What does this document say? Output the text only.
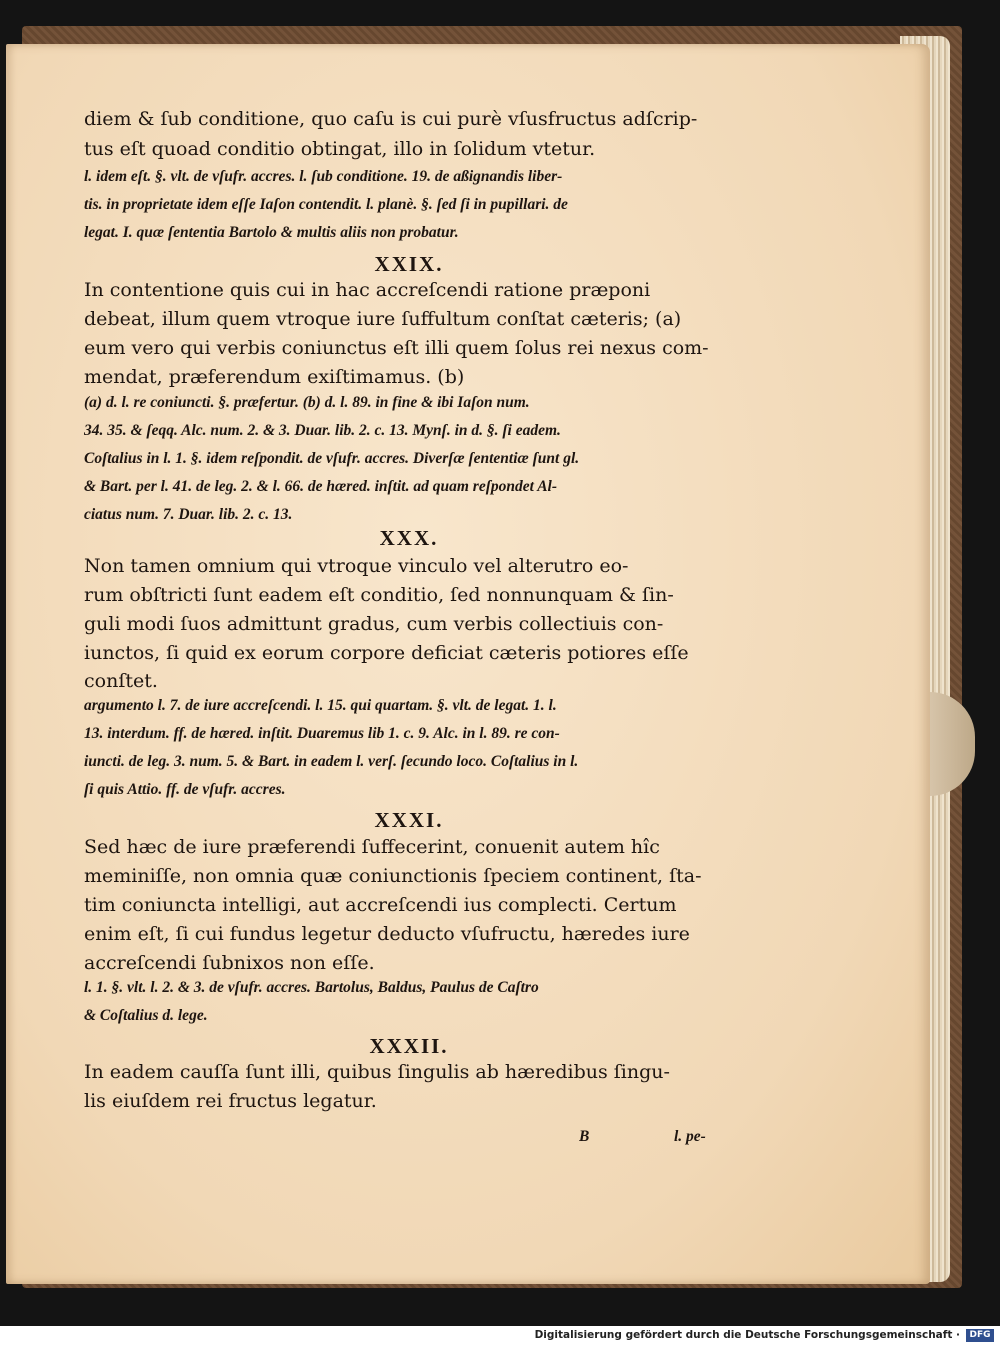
diem & ſub conditione, quo caſu is cui purè vſusfructus adſcrip-

tus eſt quoad conditio obtingat, illo in ſolidum vtetur.

l. idem eſt. §. vlt. de vſufr. accres. l. ſub conditione. 19. de aßignandis liber-

tis. in proprietate idem eſſe Iaſon contendit. l. planè. §. ſed ſi in pupillari. de

legat. I. quæ ſententia Bartolo & multis aliis non probatur.

XXIX.

In contentione quis cui in hac accreſcendi ratione præponi

debeat, illum quem vtroque iure ſuffultum conſtat cæteris; (a)

eum vero qui verbis coniunctus eſt illi quem ſolus rei nexus com-

mendat, præferendum exiſtimamus. (b)

(a) d. l. re coniuncti. §. præfertur. (b) d. l. 89. in fine & ibi Iaſon num.

34. 35. & ſeqq. Alc. num. 2. & 3. Duar. lib. 2. c. 13. Mynſ. in d. §. ſi eadem.

Coſtalius in l. 1. §. idem reſpondit. de vſufr. accres. Diverſæ ſententiæ ſunt gl.

& Bart. per l. 41. de leg. 2. & l. 66. de hæred. inſtit. ad quam reſpondet Al-

ciatus num. 7. Duar. lib. 2. c. 13.

XXX.

Non tamen omnium qui vtroque vinculo vel alterutro eo-

rum obſtricti ſunt eadem eſt conditio, ſed nonnunquam & ſin-

guli modi ſuos admittunt gradus, cum verbis collectiuis con-

iunctos, ſi quid ex eorum corpore deficiat cæteris potiores eſſe

conſtet.

argumento l. 7. de iure accreſcendi. l. 15. qui quartam. §. vlt. de legat. 1. l.

13. interdum. ff. de hæred. inſtit. Duaremus lib 1. c. 9. Alc. in l. 89. re con-

iuncti. de leg. 3. num. 5. & Bart. in eadem l. verſ. ſecundo loco. Coſtalius in l.

ſi quis Attio. ff. de vſufr. accres.

XXXI.

Sed hæc de iure præferendi ſuffecerint, conuenit autem hîc

meminiſſe, non omnia quæ coniunctionis ſpeciem continent, ſta-

tim coniuncta intelligi, aut accreſcendi ius complecti. Certum

enim eſt, ſi cui fundus legetur deducto vſufructu, hæredes iure

accreſcendi ſubnixos non eſſe.

l. 1. §. vlt. l. 2. & 3. de vſufr. accres. Bartolus, Baldus, Paulus de Caſtro

& Coſtalius d. lege.

XXXII.

In eadem cauſſa ſunt illi, quibus ſingulis ab hæredibus ſingu-

lis eiuſdem rei fructus legatur.

B	l. pe-
Digitalisierung gefördert durch die Deutsche Forschungsgemeinschaft ·	DFG
